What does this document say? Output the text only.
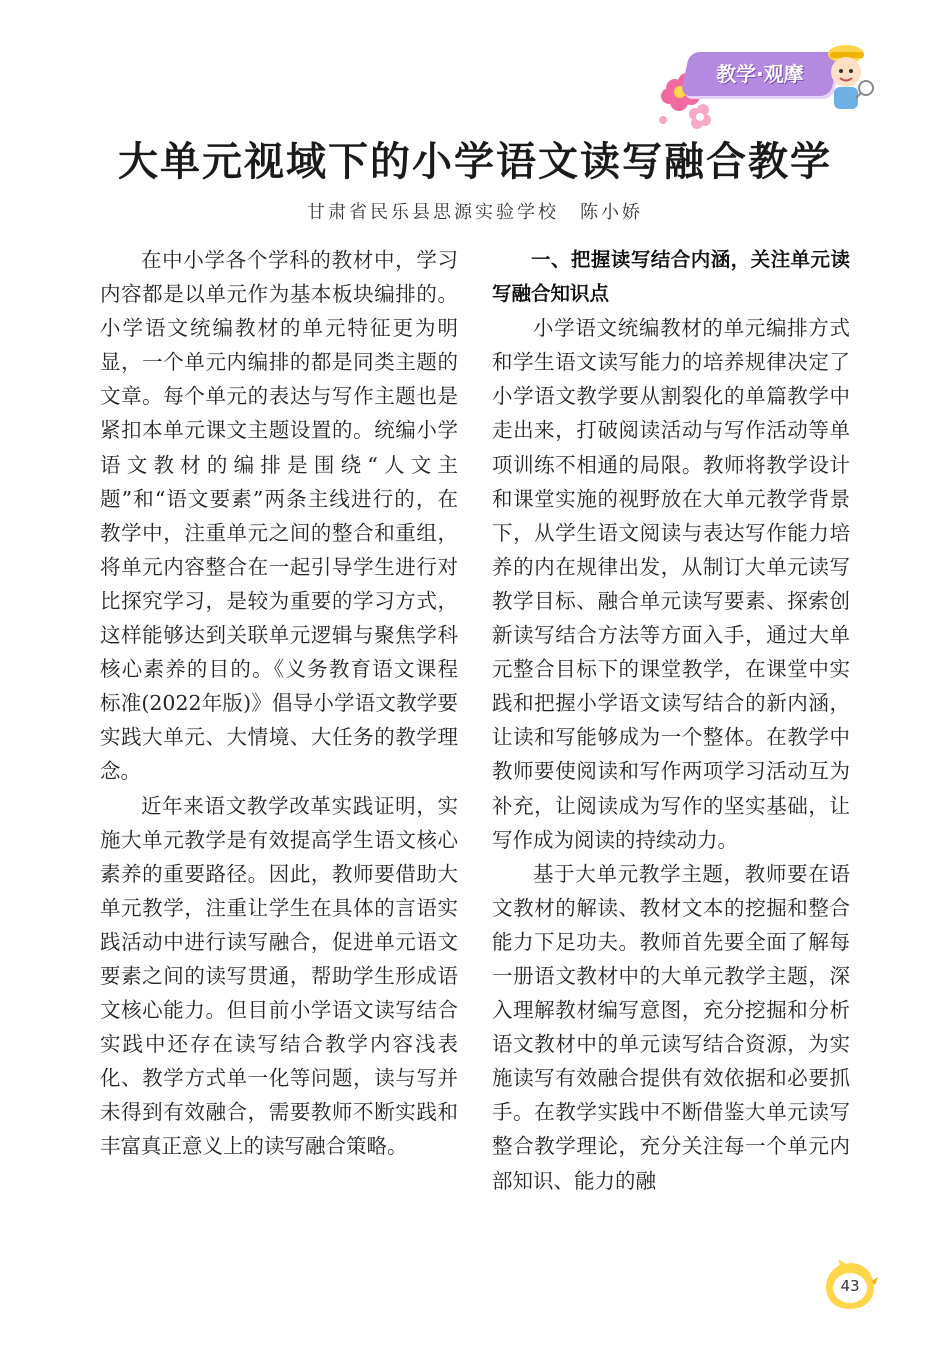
教学·观摩
大单元视域下的小学语文读写融合教学
甘肃省民乐县思源实验学校　陈小娇

在中小学各个学科的教材中，学习内容都是以单元作为基本板块编排的。小学语文统编教材的单元特征更为明显，一个单元内编排的都是同类主题的文章。每个单元的表达与写作主题也是紧扣本单元课文主题设置的。统编小学语文教材的编排是围绕“人文主题”和“语文要素”两条主线进行的，在教学中，注重单元之间的整合和重组，将单元内容整合在一起引导学生进行对比探究学习，是较为重要的学习方式，这样能够达到关联单元逻辑与聚焦学科核心素养的目的。《义务教育语文课程标准(2022年版)》倡导小学语文教学要实践大单元、大情境、大任务的教学理念。

近年来语文教学改革实践证明，实施大单元教学是有效提高学生语文核心素养的重要路径。因此，教师要借助大单元教学，注重让学生在具体的言语实践活动中进行读写融合，促进单元语文要素之间的读写贯通，帮助学生形成语文核心能力。但目前小学语文读写结合实践中还存在读写结合教学内容浅表化、教学方式单一化等问题，读与写并未得到有效融合，需要教师不断实践和丰富真正意义上的读写融合策略。

一、把握读写结合内涵，关注单元读写融合知识点

小学语文统编教材的单元编排方式和学生语文读写能力的培养规律决定了小学语文教学要从割裂化的单篇教学中走出来，打破阅读活动与写作活动等单项训练不相通的局限。教师将教学设计和课堂实施的视野放在大单元教学背景下，从学生语文阅读与表达写作能力培养的内在规律出发，从制订大单元读写教学目标、融合单元读写要素、探索创新读写结合方法等方面入手，通过大单元整合目标下的课堂教学，在课堂中实践和把握小学语文读写结合的新内涵，让读和写能够成为一个整体。在教学中教师要使阅读和写作两项学习活动互为补充，让阅读成为写作的坚实基础，让写作成为阅读的持续动力。

基于大单元教学主题，教师要在语文教材的解读、教材文本的挖掘和整合能力下足功夫。教师首先要全面了解每一册语文教材中的大单元教学主题，深入理解教材编写意图，充分挖掘和分析语文教材中的单元读写结合资源，为实施读写有效融合提供有效依据和必要抓手。在教学实践中不断借鉴大单元读写整合教学理论，充分关注每一个单元内部知识、能力的融

43
